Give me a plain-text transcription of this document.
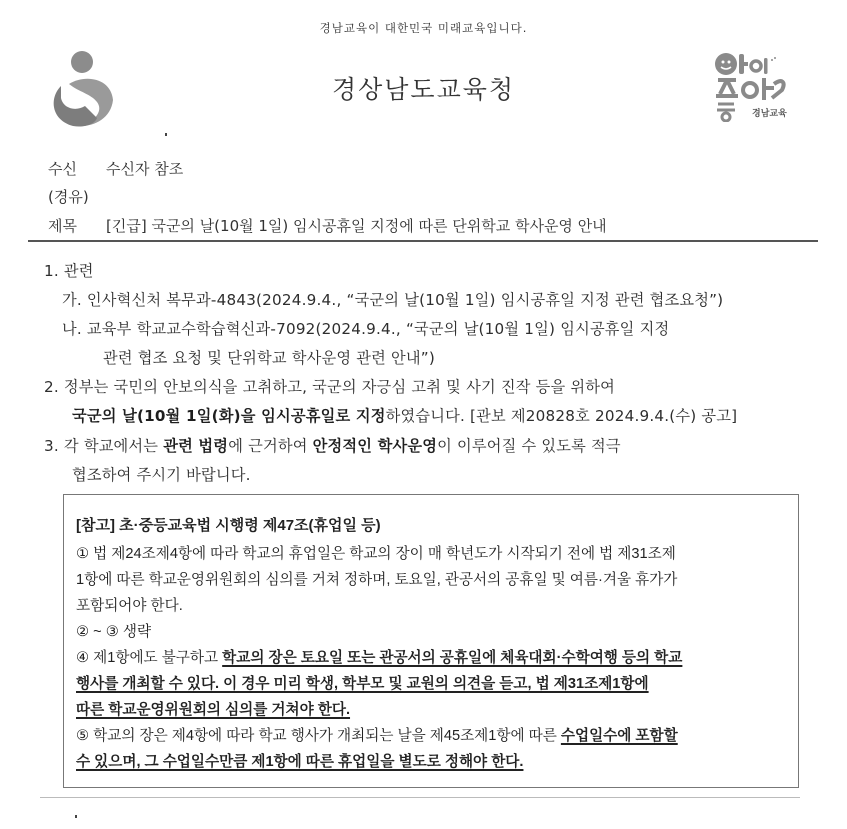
경남교육이 대한민국 미래교육입니다.
경상남도교육청
경남교육
수신 수신자 참조
(경유)
제목 [긴급] 국군의 날(10월 1일) 임시공휴일 지정에 따른 단위학교 학사운영 안내
1. 관련
가. 인사혁신처 복무과-4843(2024.9.4., “국군의 날(10월 1일) 임시공휴일 지정 관련 협조요청”)
나. 교육부 학교교수학습혁신과-7092(2024.9.4., “국군의 날(10월 1일) 임시공휴일 지정
관련 협조 요청 및 단위학교 학사운영 관련 안내”)
2. 정부는 국민의 안보의식을 고취하고, 국군의 자긍심 고취 및 사기 진작 등을 위하여
국군의 날(10월 1일(화)을 임시공휴일로 지정하였습니다. [관보 제20828호 2024.9.4.(수) 공고]
3. 각 학교에서는 관련 법령에 근거하여 안정적인 학사운영이 이루어질 수 있도록 적극
협조하여 주시기 바랍니다.
[참고] 초·중등교육법 시행령 제47조(휴업일 등)
① 법 제24조제4항에 따라 학교의 휴업일은 학교의 장이 매 학년도가 시작되기 전에 법 제31조제
1항에 따른 학교운영위원회의 심의를 거쳐 정하며, 토요일, 관공서의 공휴일 및 여름·겨울 휴가가
포함되어야 한다.
② ~ ③ 생략
④ 제1항에도 불구하고 학교의 장은 토요일 또는 관공서의 공휴일에 체육대회·수학여행 등의 학교
행사를 개최할 수 있다. 이 경우 미리 학생, 학부모 및 교원의 의견을 듣고, 법 제31조제1항에
따른 학교운영위원회의 심의를 거쳐야 한다.
⑤ 학교의 장은 제4항에 따라 학교 행사가 개최되는 날을 제45조제1항에 따른 수업일수에 포함할
수 있으며, 그 수업일수만큼 제1항에 따른 휴업일을 별도로 정해야 한다.
